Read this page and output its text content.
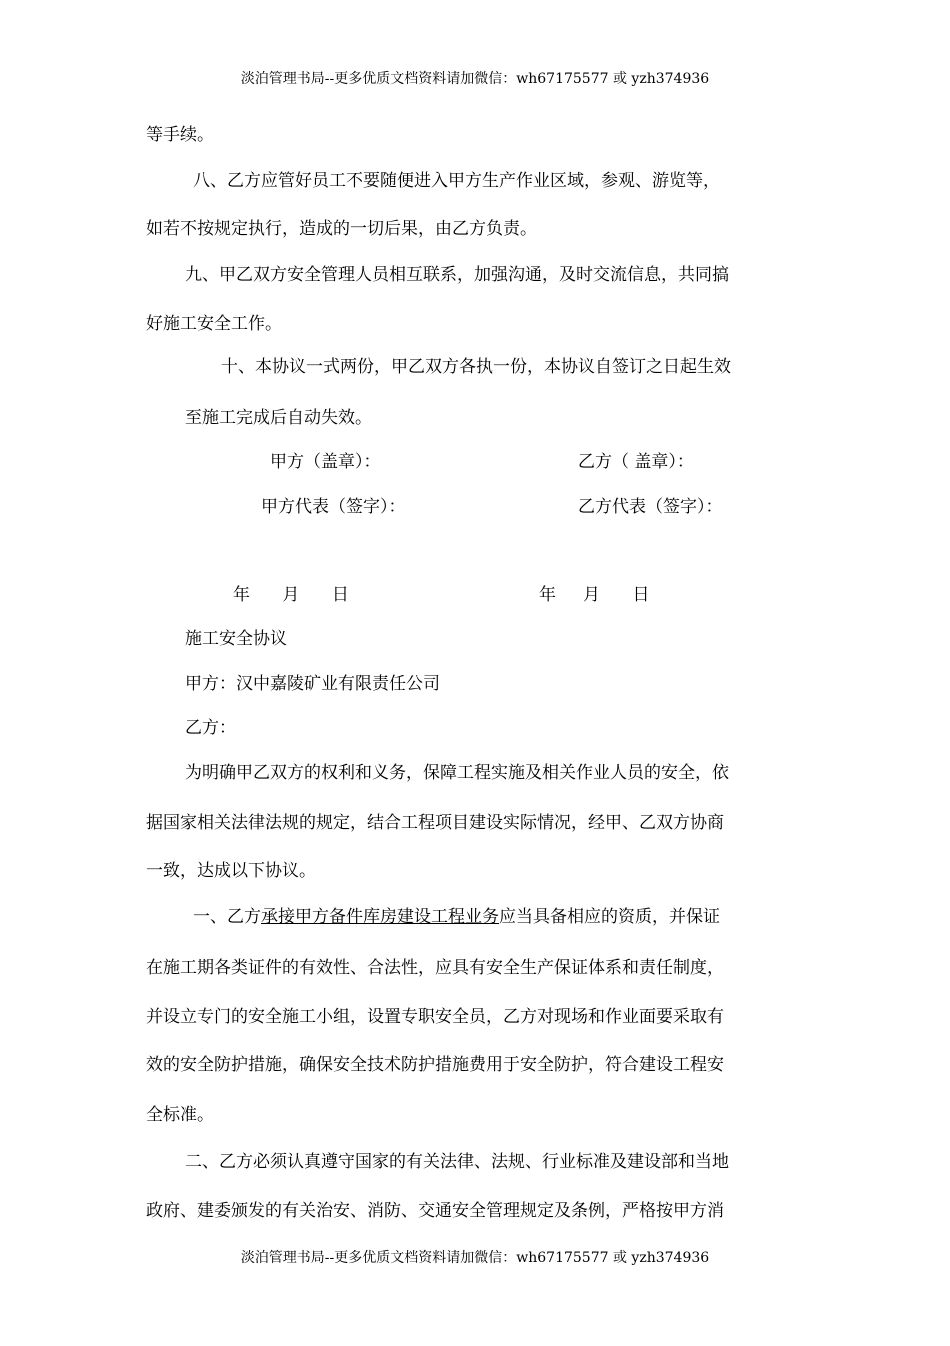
淡泊管理书局--更多优质文档资料请加微信：wh67175577 或 yzh374936
等手续。
八、乙方应管好员工不要随便进入甲方生产作业区域，参观、游览等，
如若不按规定执行，造成的一切后果，由乙方负责。
九、甲乙双方安全管理人员相互联系，加强沟通，及时交流信息，共同搞
好施工安全工作。
十、本协议一式两份，甲乙双方各执一份，本协议自签订之日起生效
至施工完成后自动失效。
甲方（盖章）：	乙方（ 盖章）：
甲方代表（签字）：	乙方代表（签字）：
年      月      日	年     月      日
施工安全协议
甲方：汉中嘉陵矿业有限责任公司
乙方：
为明确甲乙双方的权利和义务，保障工程实施及相关作业人员的安全，依
据国家相关法律法规的规定，结合工程项目建设实际情况，经甲、乙双方协商
一致，达成以下协议。
一、乙方承接甲方备件库房建设工程业务应当具备相应的资质，并保证
在施工期各类证件的有效性、合法性，应具有安全生产保证体系和责任制度，
并设立专门的安全施工小组，设置专职安全员，乙方对现场和作业面要采取有
效的安全防护措施，确保安全技术防护措施费用于安全防护，符合建设工程安
全标准。
二、乙方必须认真遵守国家的有关法律、法规、行业标准及建设部和当地
政府、建委颁发的有关治安、消防、交通安全管理规定及条例，严格按甲方消
淡泊管理书局--更多优质文档资料请加微信：wh67175577 或 yzh374936
